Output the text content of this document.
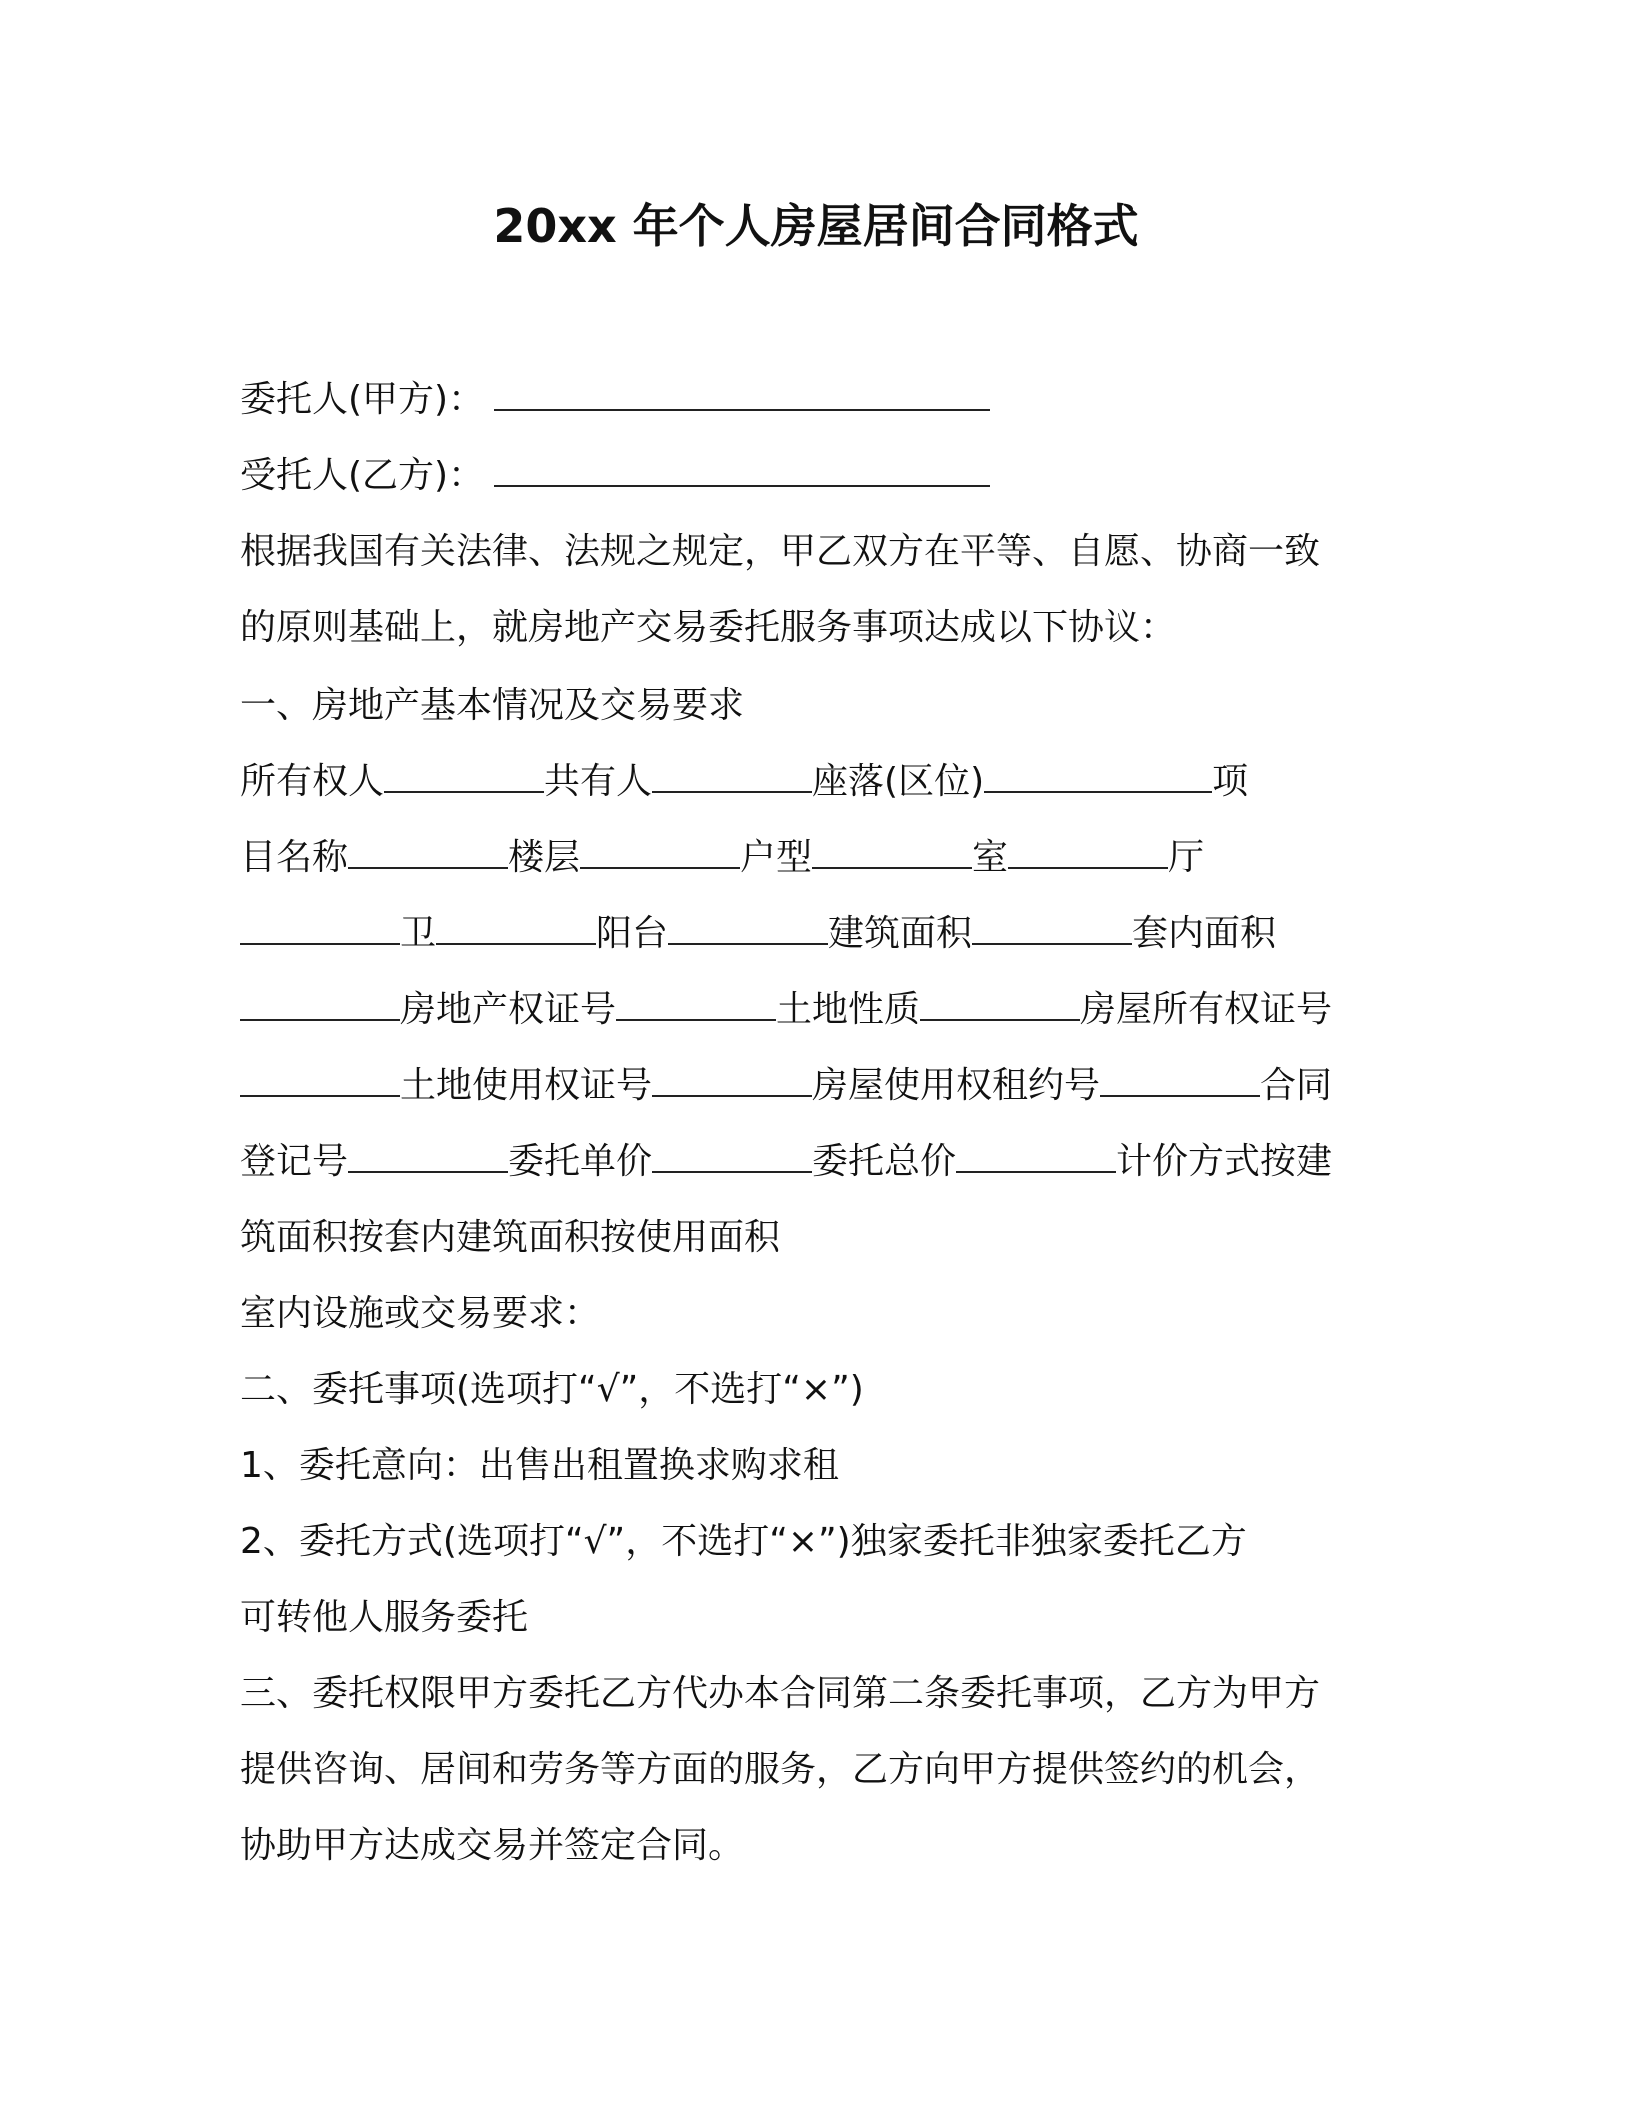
20xx 年个人房屋居间合同格式
委托人(甲方)：
受托人(乙方)：
根据我国有关法律、法规之规定，甲乙双方在平等、自愿、协商一致
的原则基础上，就房地产交易委托服务事项达成以下协议：
一、房地产基本情况及交易要求
所有权人	共有人	座落(区位)	项
目名称	楼层	户型	室	厅
卫	阳台	建筑面积	套内面积
房地产权证号	土地性质	房屋所有权证号
土地使用权证号	房屋使用权租约号	合同
登记号	委托单价	委托总价	计价方式按建
筑面积按套内建筑面积按使用面积
室内设施或交易要求：
二、委托事项(选项打“√”，不选打“×”)
1、委托意向：出售出租置换求购求租
2、委托方式(选项打“√”，不选打“×”)独家委托非独家委托乙方
可转他人服务委托
三、委托权限甲方委托乙方代办本合同第二条委托事项，乙方为甲方
提供咨询、居间和劳务等方面的服务，乙方向甲方提供签约的机会，
协助甲方达成交易并签定合同。
